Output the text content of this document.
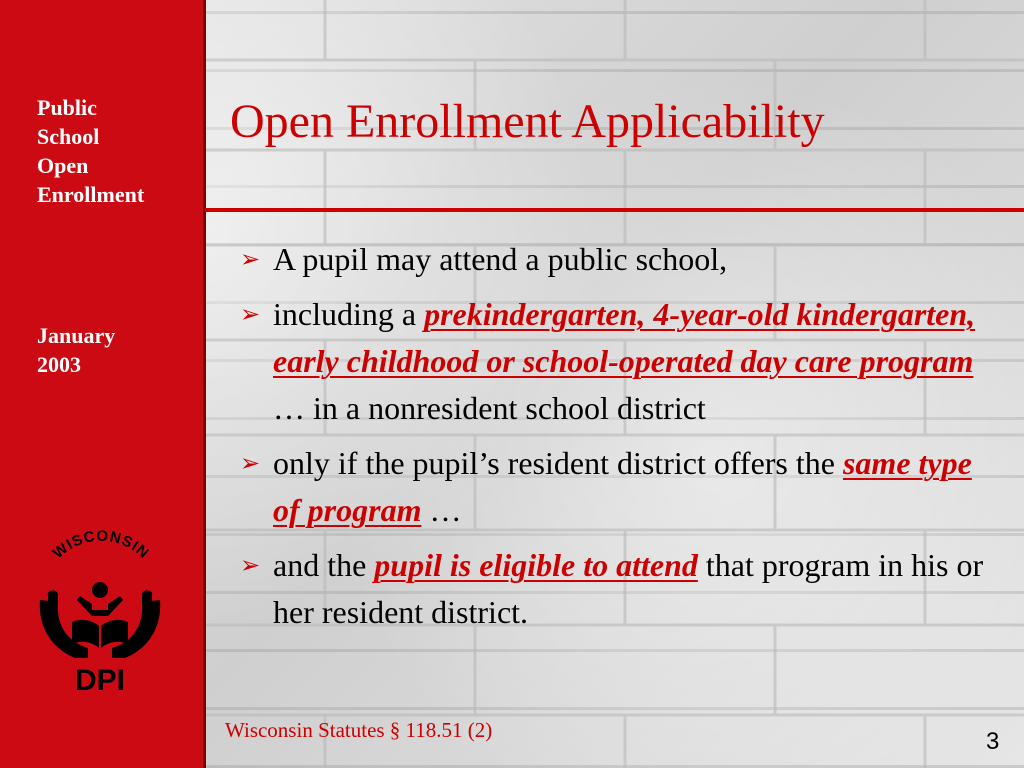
Public
School
Open
Enrollment
January
2003
WISCONSIN
DPI
Open Enrollment Applicability
➢ A pupil may attend a public school,
➢ including a prekindergarten, 4-year-old kindergarten, early childhood or school-operated day care program … in a nonresident school district
➢ only if the pupil’s resident district offers the same type of program …
➢ and the pupil is eligible to attend that program in his or her resident district.
Wisconsin Statutes § 118.51 (2)	3
